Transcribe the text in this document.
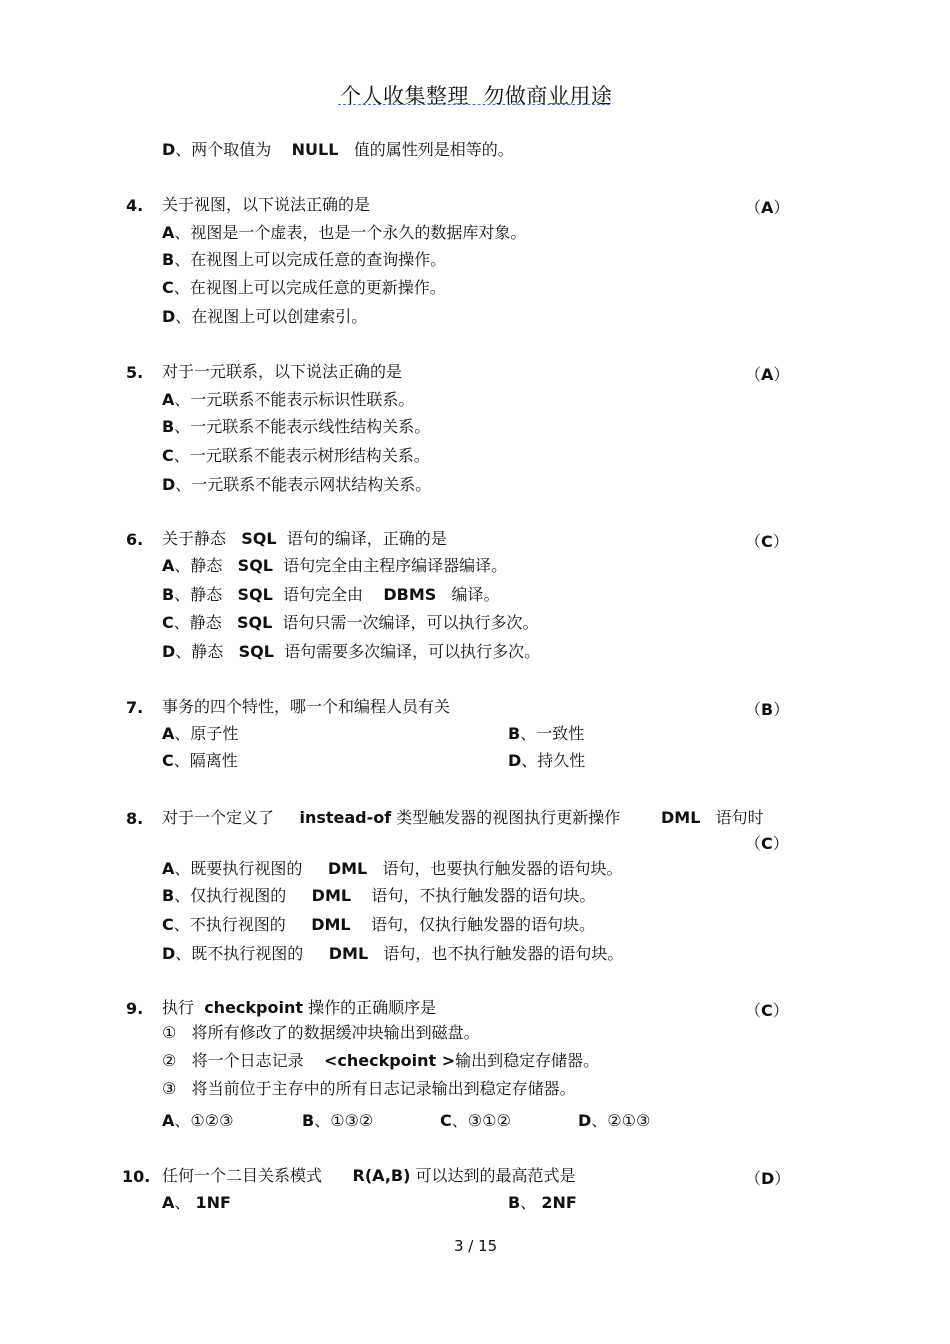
个人收集整理  勿做商业用途
D、两个取值为 NULL 值的属性列是相等的。
4. 关于视图，以下说法正确的是	（A）
A、视图是一个虚表，也是一个永久的数据库对象。
B、在视图上可以完成任意的查询操作。
C、在视图上可以完成任意的更新操作。
D、在视图上可以创建索引。
5. 对于一元联系，以下说法正确的是	（A）
A、一元联系不能表示标识性联系。
B、一元联系不能表示线性结构关系。
C、一元联系不能表示树形结构关系。
D、一元联系不能表示网状结构关系。
6. 关于静态 SQL 语句的编译，正确的是	（C）
A、静态 SQL 语句完全由主程序编译器编译。
B、静态 SQL 语句完全由 DBMS 编译。
C、静态 SQL 语句只需一次编译，可以执行多次。
D、静态 SQL 语句需要多次编译，可以执行多次。
7. 事务的四个特性，哪一个和编程人员有关	（B）
A、原子性	B、一致性
C、隔离性	D、持久性
8. 对于一个定义了 instead-of 类型触发器的视图执行更新操作	DML 语句时
（C）
A、既要执行视图的 DML 语句，也要执行触发器的语句块。
B、仅执行视图的 DML 语句，不执行触发器的语句块。
C、不执行视图的 DML 语句，仅执行触发器的语句块。
D、既不执行视图的 DML 语句，也不执行触发器的语句块。
9. 执行 checkpoint 操作的正确顺序是	（C）
① 将所有修改了的数据缓冲块输出到磁盘。
② 将一个日志记录 <checkpoint >输出到稳定存储器。
③ 将当前位于主存中的所有日志记录输出到稳定存储器。
A、①②③	B、①③②	C、③①②	D、②①③
10. 任何一个二目关系模式 R(A,B) 可以达到的最高范式是	（D）
A、 1NF	B、 2NF
3 / 15
